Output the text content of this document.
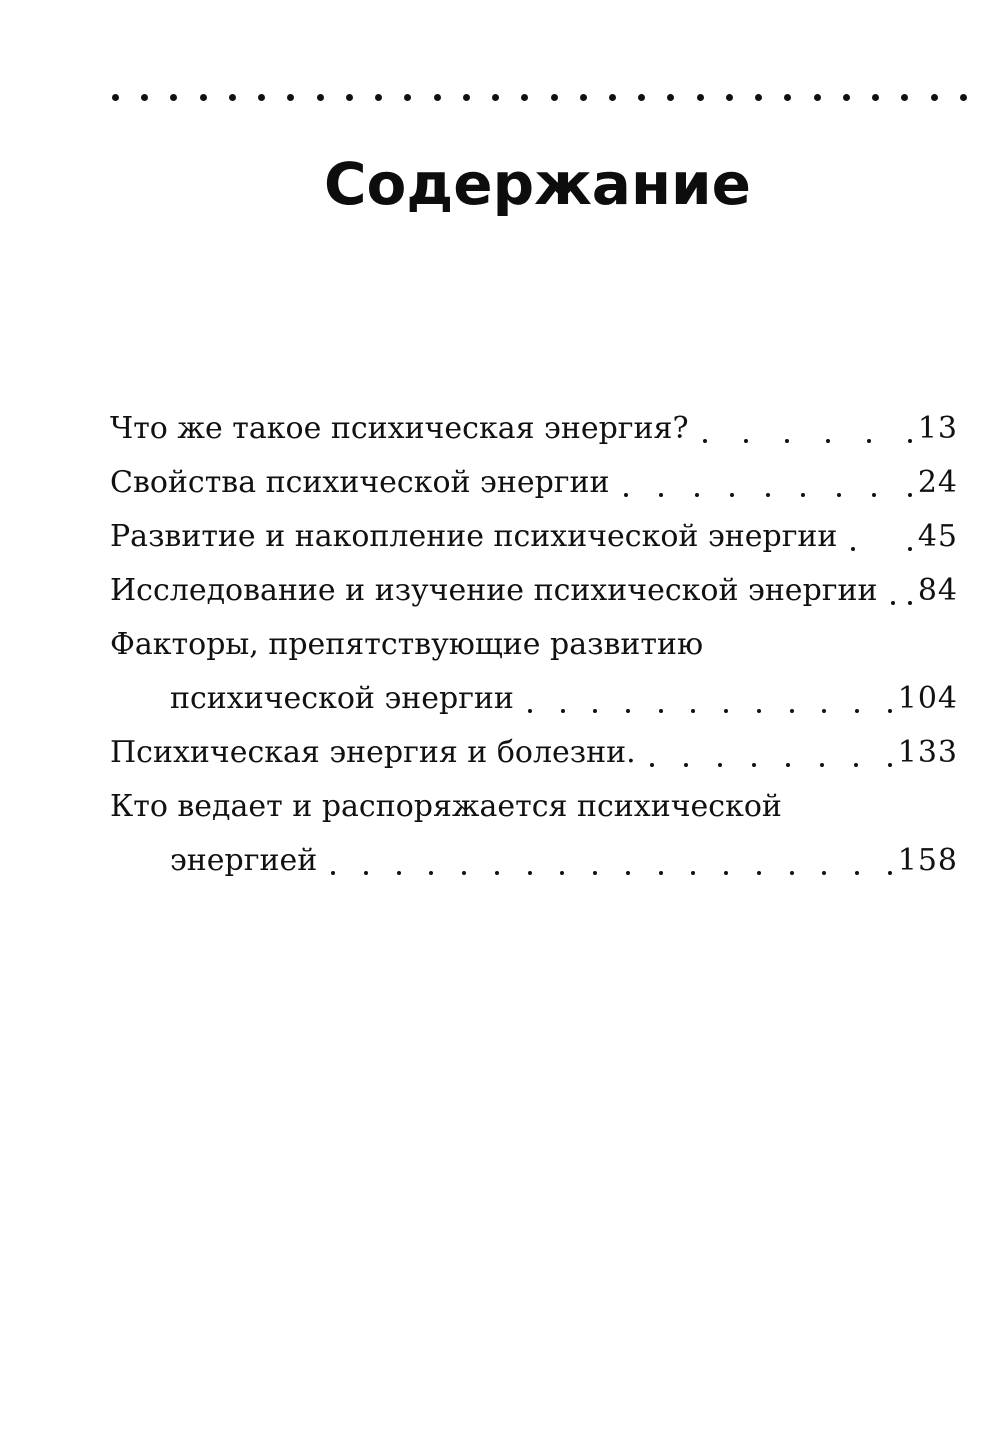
Содержание
Что же такое психическая энергия?	13
Свойства психической энергии	24
Развитие и накопление психической энергии	45
Исследование и изучение психической энергии 84
Факторы, препятствующие развитию
психической энергии	104
Психическая энергия и болезни.	133
Кто ведает и распоряжается психической
энергией	158
